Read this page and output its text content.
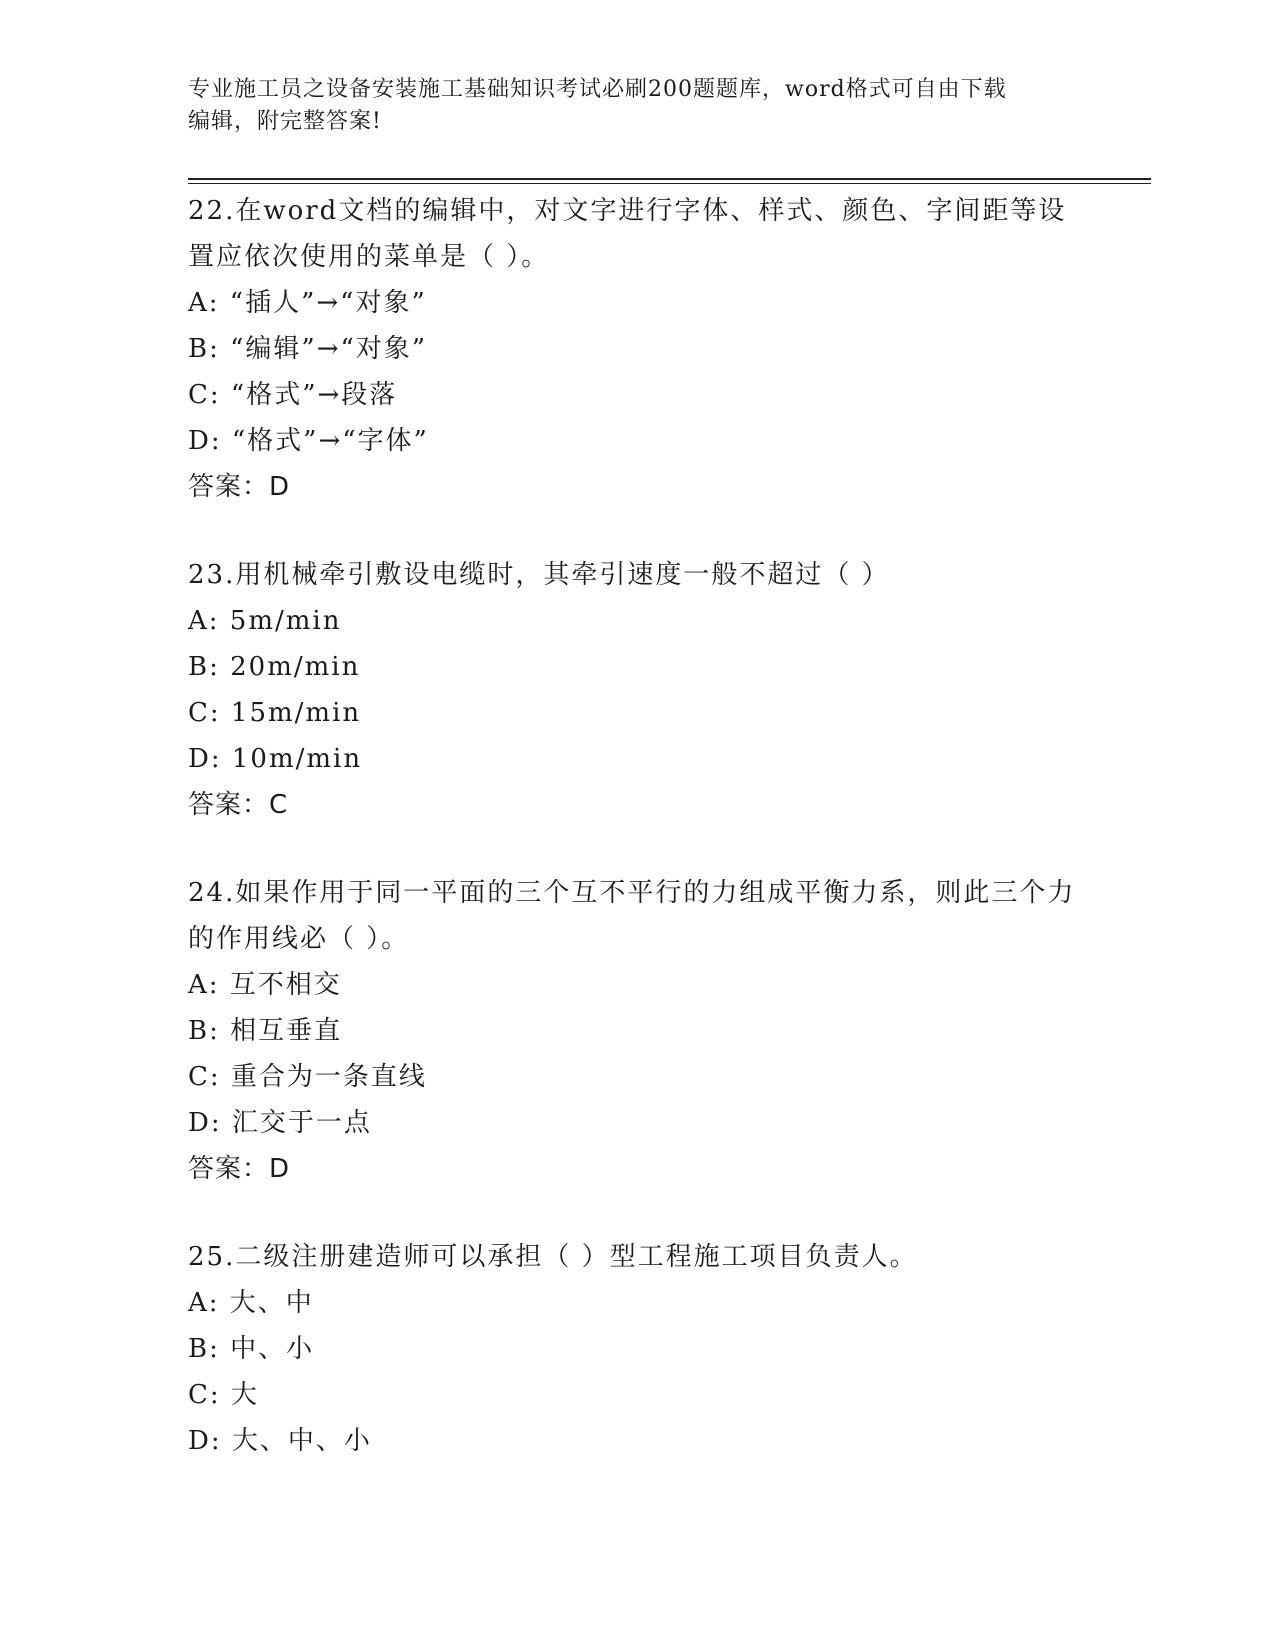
专业施工员之设备安装施工基础知识考试必刷200题题库，word格式可自由下载
编辑，附完整答案!
22.在word文档的编辑中，对文字进行字体、样式、颜色、字间距等设置应依次使用的菜单是（ ）。
A: “插人”→“对象”
B: “编辑”→“对象”
C: “格式”→段落
D: “格式”→“字体”
答案：D
23.用机械牵引敷设电缆时，其牵引速度一般不超过（ ）
A: 5m/min
B: 20m/min
C: 15m/min
D: 10m/min
答案：C
24.如果作用于同一平面的三个互不平行的力组成平衡力系，则此三个力的作用线必（ ）。
A: 互不相交
B: 相互垂直
C: 重合为一条直线
D: 汇交于一点
答案：D
25.二级注册建造师可以承担（ ）型工程施工项目负责人。
A: 大、中
B: 中、小
C: 大
D: 大、中、小
